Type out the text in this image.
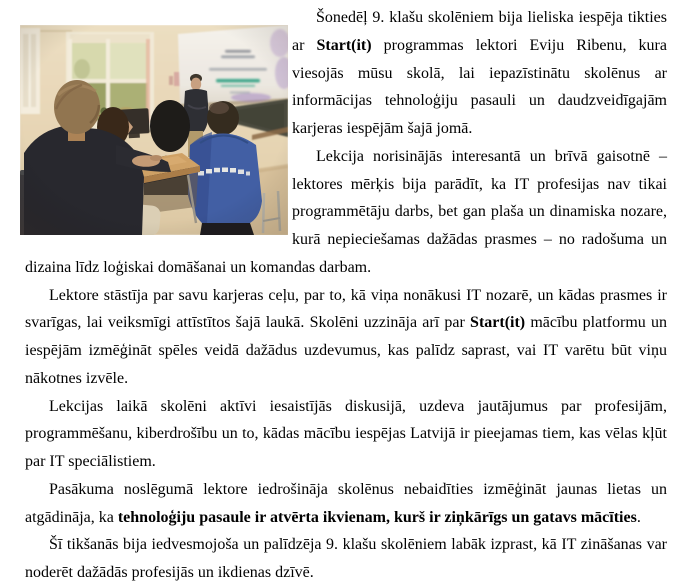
Šonedēļ 9. klašu skolēniem bija lieliska iespēja tikties ar Start(it) programmas lektori Eviju Ribenu, kura viesojās mūsu skolā, lai iepazīstinātu skolēnus ar informācijas tehnoloģiju pasauli un daudzveidīgajām karjeras iespējām šajā jomā.

Lekcija norisinājās interesantā un brīvā gaisotnē – lektores mērķis bija parādīt, ka IT profesijas nav tikai programmētāju darbs, bet gan plaša un dinamiska nozare, kurā nepieciešamas dažādas prasmes – no radošuma un dizaina līdz loģiskai domāšanai un komandas darbam.

Lektore stāstīja par savu karjeras ceļu, par to, kā viņa nonākusi IT nozarē, un kādas prasmes ir svarīgas, lai veiksmīgi attīstītos šajā laukā. Skolēni uzzināja arī par Start(it) mācību platformu un iespējām izmēģināt spēles veidā dažādus uzdevumus, kas palīdz saprast, vai IT varētu būt viņu nākotnes izvēle.

Lekcijas laikā skolēni aktīvi iesaistījās diskusijā, uzdeva jautājumus par profesijām, programmēšanu, kiberdrošību un to, kādas mācību iespējas Latvijā ir pieejamas tiem, kas vēlas kļūt par IT speciālistiem.

Pasākuma noslēgumā lektore iedrošināja skolēnus nebaidīties izmēģināt jaunas lietas un atgādināja, ka tehnoloģiju pasaule ir atvērta ikvienam, kurš ir ziņkārīgs un gatavs mācīties.

Šī tikšanās bija iedvesmojoša un palīdzēja 9. klašu skolēniem labāk izprast, kā IT zināšanas var noderēt dažādās profesijās un ikdienas dzīvē.
